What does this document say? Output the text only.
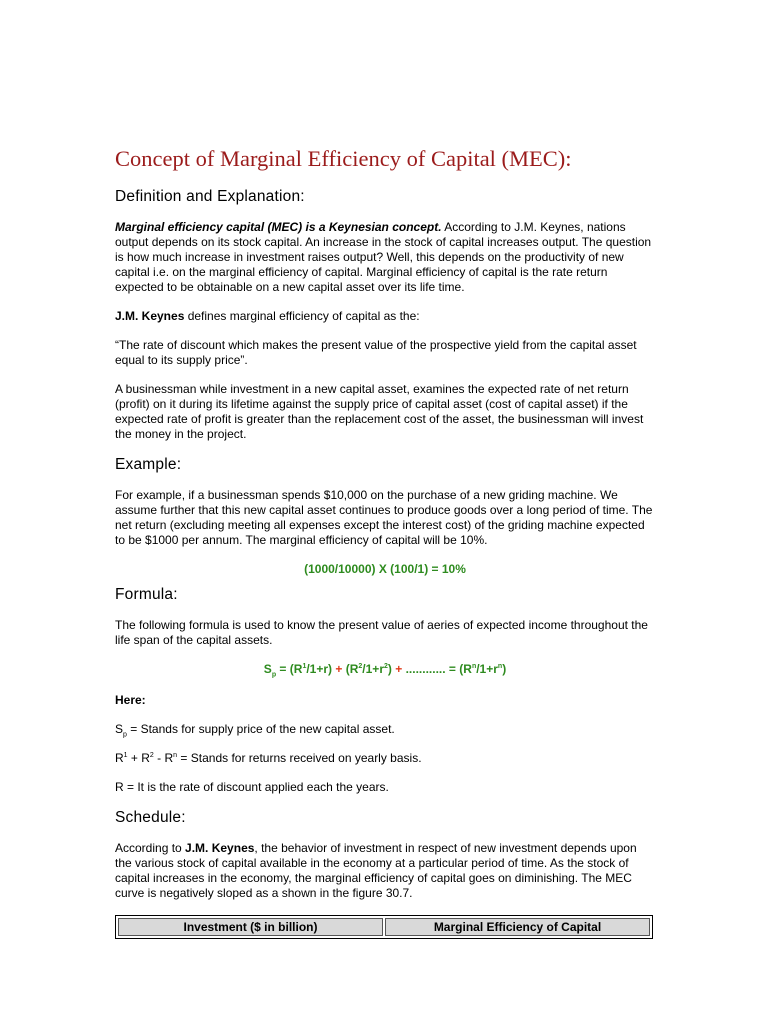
Concept of Marginal Efficiency of Capital (MEC):
Definition and Explanation:

Marginal efficiency capital (MEC) is a Keynesian concept. According to J.M. Keynes, nations output depends on its stock capital. An increase in the stock of capital increases output. The question is how much increase in investment raises output? Well, this depends on the productivity of new capital i.e. on the marginal efficiency of capital. Marginal efficiency of capital is the rate return expected to be obtainable on a new capital asset over its life time.

J.M. Keynes defines marginal efficiency of capital as the:

“The rate of discount which makes the present value of the prospective yield from the capital asset equal to its supply price”.

A businessman while investment in a new capital asset, examines the expected rate of net return (profit) on it during its lifetime against the supply price of capital asset (cost of capital asset) if the expected rate of profit is greater than the replacement cost of the asset, the businessman will invest the money in the project.

Example:

For example, if a businessman spends $10,000 on the purchase of a new griding machine. We assume further that this new capital asset continues to produce goods over a long period of time. The net return (excluding meeting all expenses except the interest cost) of the griding machine expected to be $1000 per annum. The marginal efficiency of capital will be 10%.

(1000/10000) X (100/1) = 10%
Formula:

The following formula is used to know the present value of aeries of expected income throughout the life span of the capital assets.

$S_p = (R^1/1+r) + (R^2/1+r^2)$ + ............ = $(R^n/1+r^n)$

Here:

$S_p$ = Stands for supply price of the new capital asset.

$R^1 + R^2 - R^n$ = Stands for returns received on yearly basis.

R = It is the rate of discount applied each the years.

Schedule:

According to J.M. Keynes, the behavior of investment in respect of new investment depends upon the various stock of capital available in the economy at a particular period of time. As the stock of capital increases in the economy, the marginal efficiency of capital goes on diminishing. The MEC curve is negatively sloped as a shown in the figure 30.7.

Investment ($ in billion)	Marginal Efficiency of Capital
